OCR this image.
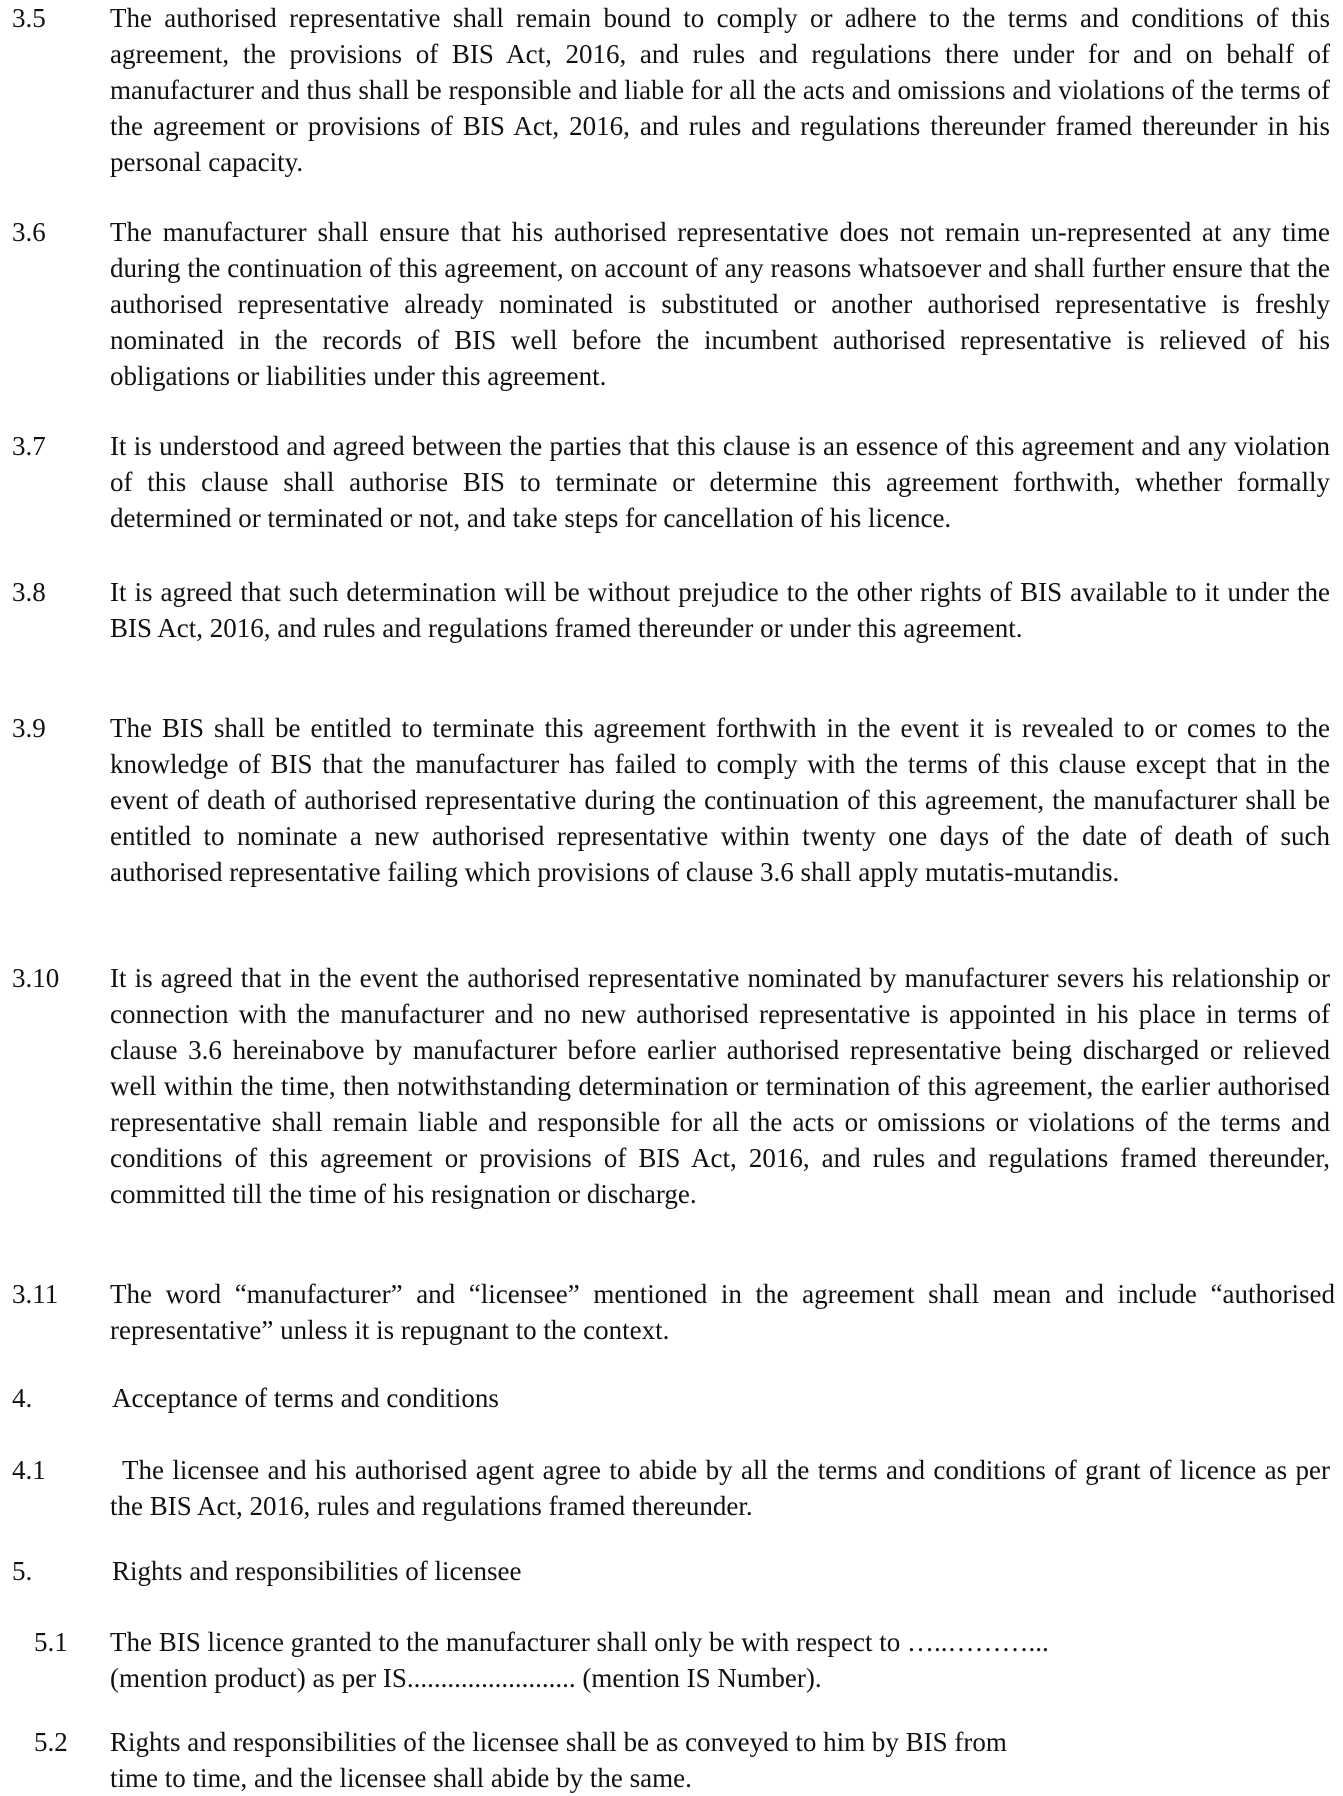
3.5 The authorised representative shall remain bound to comply or adhere to the terms and conditions of this agreement, the provisions of BIS Act, 2016, and rules and regulations there under for and on behalf of manufacturer and thus shall be responsible and liable for all the acts and omissions and violations of the terms of the agreement or provisions of BIS Act, 2016, and rules and regulations thereunder framed thereunder in his personal capacity.
3.6 The manufacturer shall ensure that his authorised representative does not remain un-represented at any time during the continuation of this agreement, on account of any reasons whatsoever and shall further ensure that the authorised representative already nominated is substituted or another authorised representative is freshly nominated in the records of BIS well before the incumbent authorised representative is relieved of his obligations or liabilities under this agreement.
3.7 It is understood and agreed between the parties that this clause is an essence of this agreement and any violation of this clause shall authorise BIS to terminate or determine this agreement forthwith, whether formally determined or terminated or not, and take steps for cancellation of his licence.
3.8 It is agreed that such determination will be without prejudice to the other rights of BIS available to it under the BIS Act, 2016, and rules and regulations framed thereunder or under this agreement.
3.9 The BIS shall be entitled to terminate this agreement forthwith in the event it is revealed to or comes to the knowledge of BIS that the manufacturer has failed to comply with the terms of this clause except that in the event of death of authorised representative during the continuation of this agreement, the manufacturer shall be entitled to nominate a new authorised representative within twenty one days of the date of death of such authorised representative failing which provisions of clause 3.6 shall apply mutatis-mutandis.
3.10 It is agreed that in the event the authorised representative nominated by manufacturer severs his relationship or connection with the manufacturer and no new authorised representative is appointed in his place in terms of clause 3.6 hereinabove by manufacturer before earlier authorised representative being discharged or relieved well within the time, then notwithstanding determination or termination of this agreement, the earlier authorised representative shall remain liable and responsible for all the acts or omissions or violations of the terms and conditions of this agreement or provisions of BIS Act, 2016, and rules and regulations framed thereunder, committed till the time of his resignation or discharge.
3.11 The word “manufacturer” and “licensee” mentioned in the agreement shall mean and include “authorised representative” unless it is repugnant to the context.
4.	Acceptance of terms and conditions
4.1	The licensee and his authorised agent agree to abide by all the terms and conditions of grant of licence as per the BIS Act, 2016, rules and regulations framed thereunder.
5.	Rights and responsibilities of licensee
5.1 The BIS licence granted to the manufacturer shall only be with respect to …..………...
(mention product) as per IS......................... (mention IS Number).
5.2 Rights and responsibilities of the licensee shall be as conveyed to him by BIS from
time to time, and the licensee shall abide by the same.
